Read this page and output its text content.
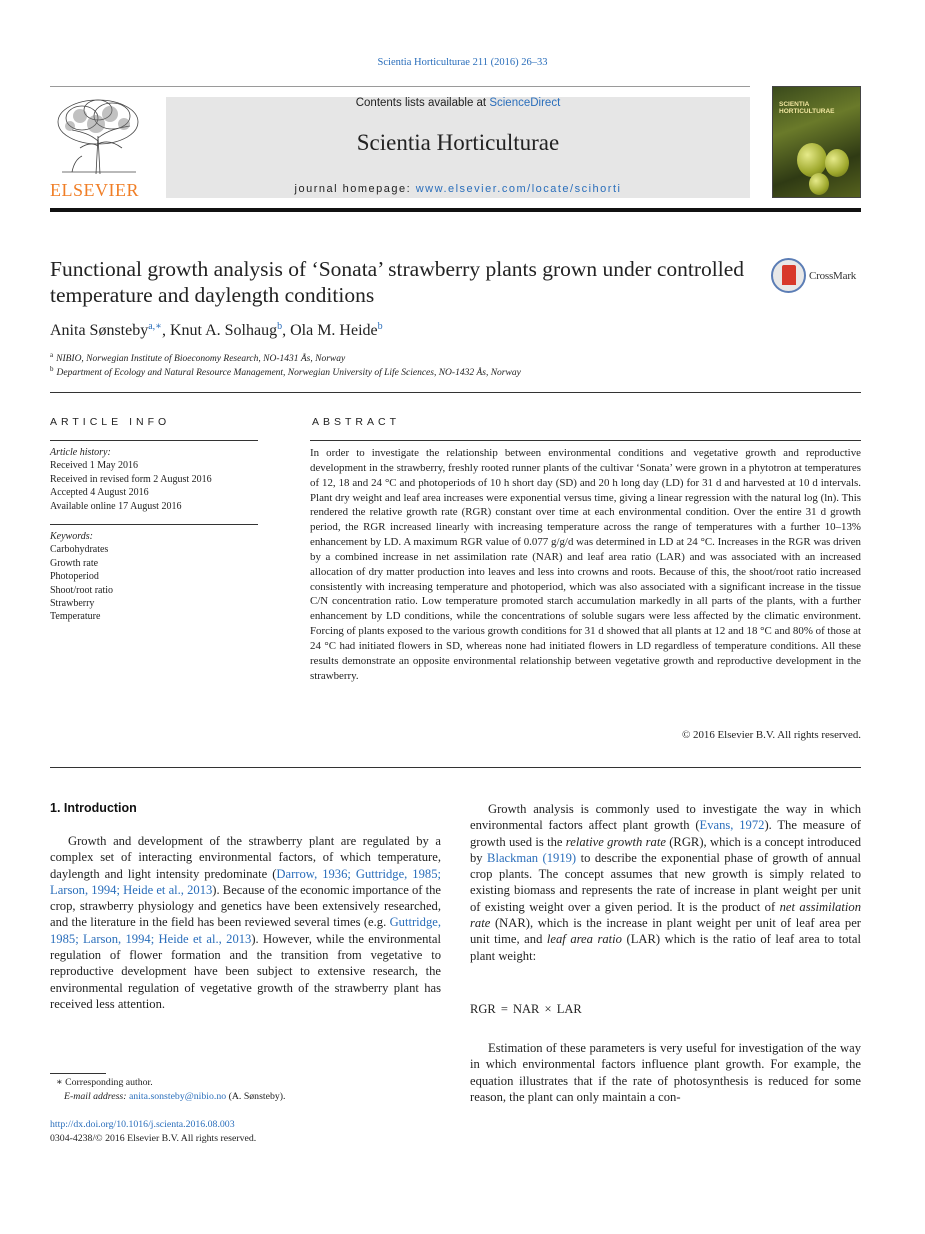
Scientia Horticulturae 211 (2016) 26–33
ELSEVIER
Contents lists available at ScienceDirect
Scientia Horticulturae
journal homepage: www.elsevier.com/locate/scihorti
SCIENTIA HORTICULTURAE
Functional growth analysis of ‘Sonata’ strawberry plants grown under controlled temperature and daylength conditions
CrossMark
Anita Sønsteby$^{a,∗}$, Knut A. Solhaug$^b$, Ola M. Heide$^b$
$^a$ NIBIO, Norwegian Institute of Bioeconomy Research, NO-1431 Ås, Norway
$^b$ Department of Ecology and Natural Resource Management, Norwegian University of Life Sciences, NO-1432 Ås, Norway
ARTICLE INFO
Article history:
Received 1 May 2016
Received in revised form 2 August 2016
Accepted 4 August 2016
Available online 17 August 2016
Keywords:
Carbohydrates
Growth rate
Photoperiod
Shoot/root ratio
Strawberry
Temperature
ABSTRACT
In order to investigate the relationship between environmental conditions and vegetative growth and reproductive development in the strawberry, freshly rooted runner plants of the cultivar ‘Sonata’ were grown in a phytotron at temperatures of 12, 18 and 24 °C and photoperiods of 10 h short day (SD) and 20 h long day (LD) for 31 d and harvested at 10 d intervals. Plant dry weight and leaf area increases were exponential versus time, giving a linear regression with the natural log (ln). This rendered the relative growth rate (RGR) constant over time at each environmental condition. Over the entire 31 d growth period, the RGR increased linearly with increasing temperature across the range of temperatures with a further 10–13% enhancement by LD. A maximum RGR value of 0.077 g/g/d was determined in LD at 24 °C. Increases in the RGR was driven by a combined increase in net assimilation rate (NAR) and leaf area ratio (LAR) and was associated with an increased allocation of dry matter production into leaves and less into crowns and roots. Because of this, the shoot/root ratio increased consistently with increasing temperature and photoperiod, which was also associated with a significant increase in the tissue C/N concentration ratio. Low temperature promoted starch accumulation markedly in all parts of the plants, with a further enhancement by LD conditions, while the concentrations of soluble sugars were less affected by the climatic environment. Forcing of plants exposed to the various growth conditions for 31 d showed that all plants at 12 and 18 °C and 80% of those at 24 °C had initiated flowers in SD, whereas none had initiated flowers in LD regardless of temperature conditions. All these results demonstrate an opposite environmental relationship between vegetative growth and reproductive development in the strawberry.
© 2016 Elsevier B.V. All rights reserved.
1. Introduction

Growth and development of the strawberry plant are regulated by a complex set of interacting environmental factors, of which temperature, daylength and light intensity predominate (Darrow, 1936; Guttridge, 1985; Larson, 1994; Heide et al., 2013). Because of the economic importance of the crop, strawberry physiology and genetics have been extensively researched, and the literature in the field has been reviewed several times (e.g. Guttridge, 1985; Larson, 1994; Heide et al., 2013). However, while the environmental regulation of flower formation and the transition from vegetative to reproductive development have been subject to extensive research, the environmental regulation of vegetative growth of the strawberry plant has received less attention.

Growth analysis is commonly used to investigate the way in which environmental factors affect plant growth (Evans, 1972). The measure of growth used is the relative growth rate (RGR), which is a concept introduced by Blackman (1919) to describe the exponential phase of growth of annual crop plants. The concept assumes that new growth is simply related to existing biomass and represents the rate of increase in plant weight per unit of existing weight over a given period. It is the product of net assimilation rate (NAR), which is the increase in plant weight per unit of leaf area per unit time, and leaf area ratio (LAR) which is the ratio of leaf area to total plant weight:

RGR = NAR × LAR

Estimation of these parameters is very useful for investigation of the way in which environmental factors influence plant growth. For example, the equation illustrates that if the rate of photosynthesis is reduced for some reason, the plant can only maintain a con-

∗ Corresponding author.
E-mail address: anita.sonsteby@nibio.no (A. Sønsteby).
http://dx.doi.org/10.1016/j.scienta.2016.08.003
0304-4238/© 2016 Elsevier B.V. All rights reserved.
